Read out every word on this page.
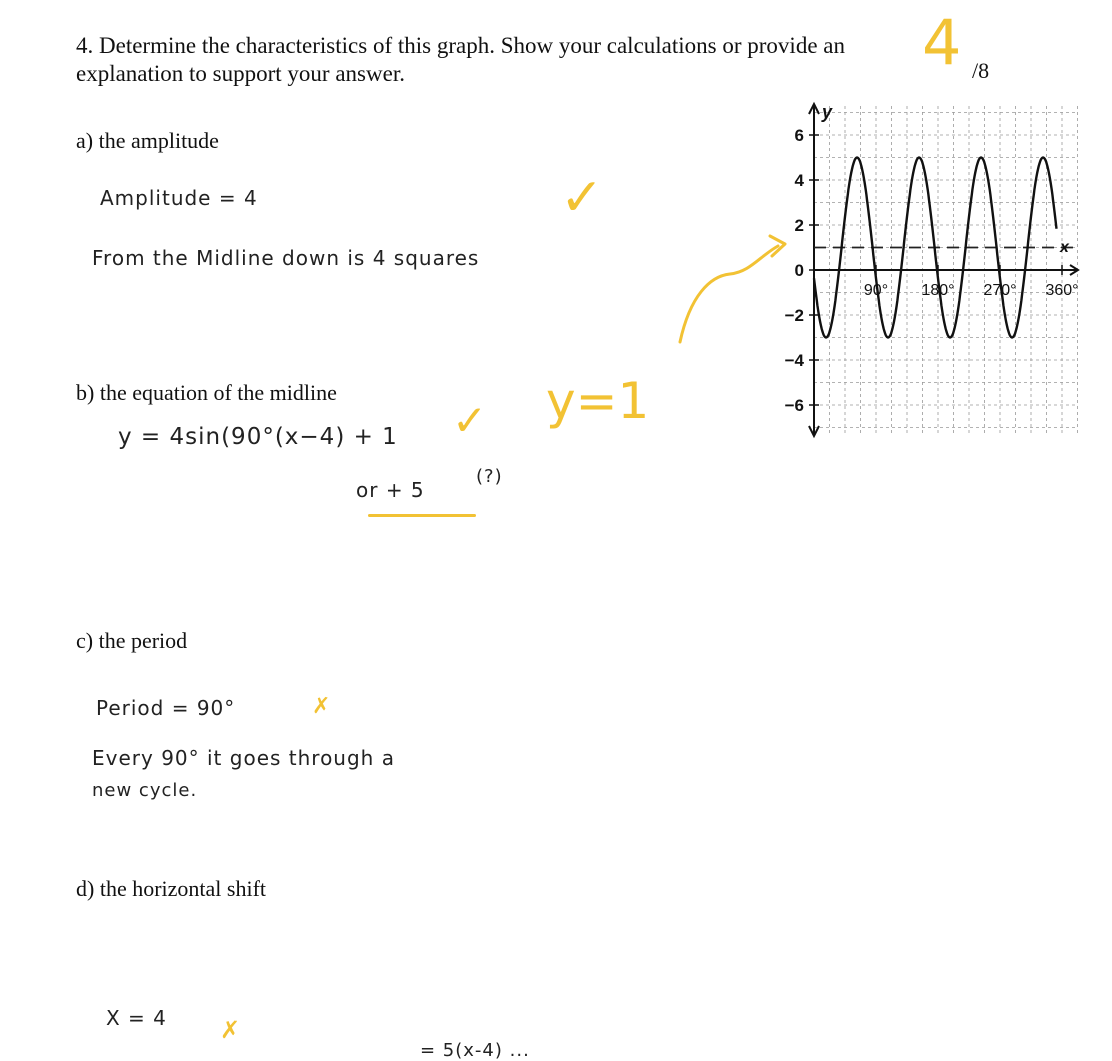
4. Determine the characteristics of this graph. Show your calculations or provide an
explanation to support your answer.	4 /8
a) the amplitude
Amplitude = 4
From the Midline down is 4 squares
✓
b) the equation of the midline
y = 4sin(90°(x−4) + 1 ✓
or + 5
(?)
y=1
c) the period
Period = 90°	✗
Every 90° it goes through a
new cycle.
d) the horizontal shift
X = 4 ✗
= 5(x-4) ...
6
4
2
0
−2
−4
−6
90° 180° 270° 360°
y
x
